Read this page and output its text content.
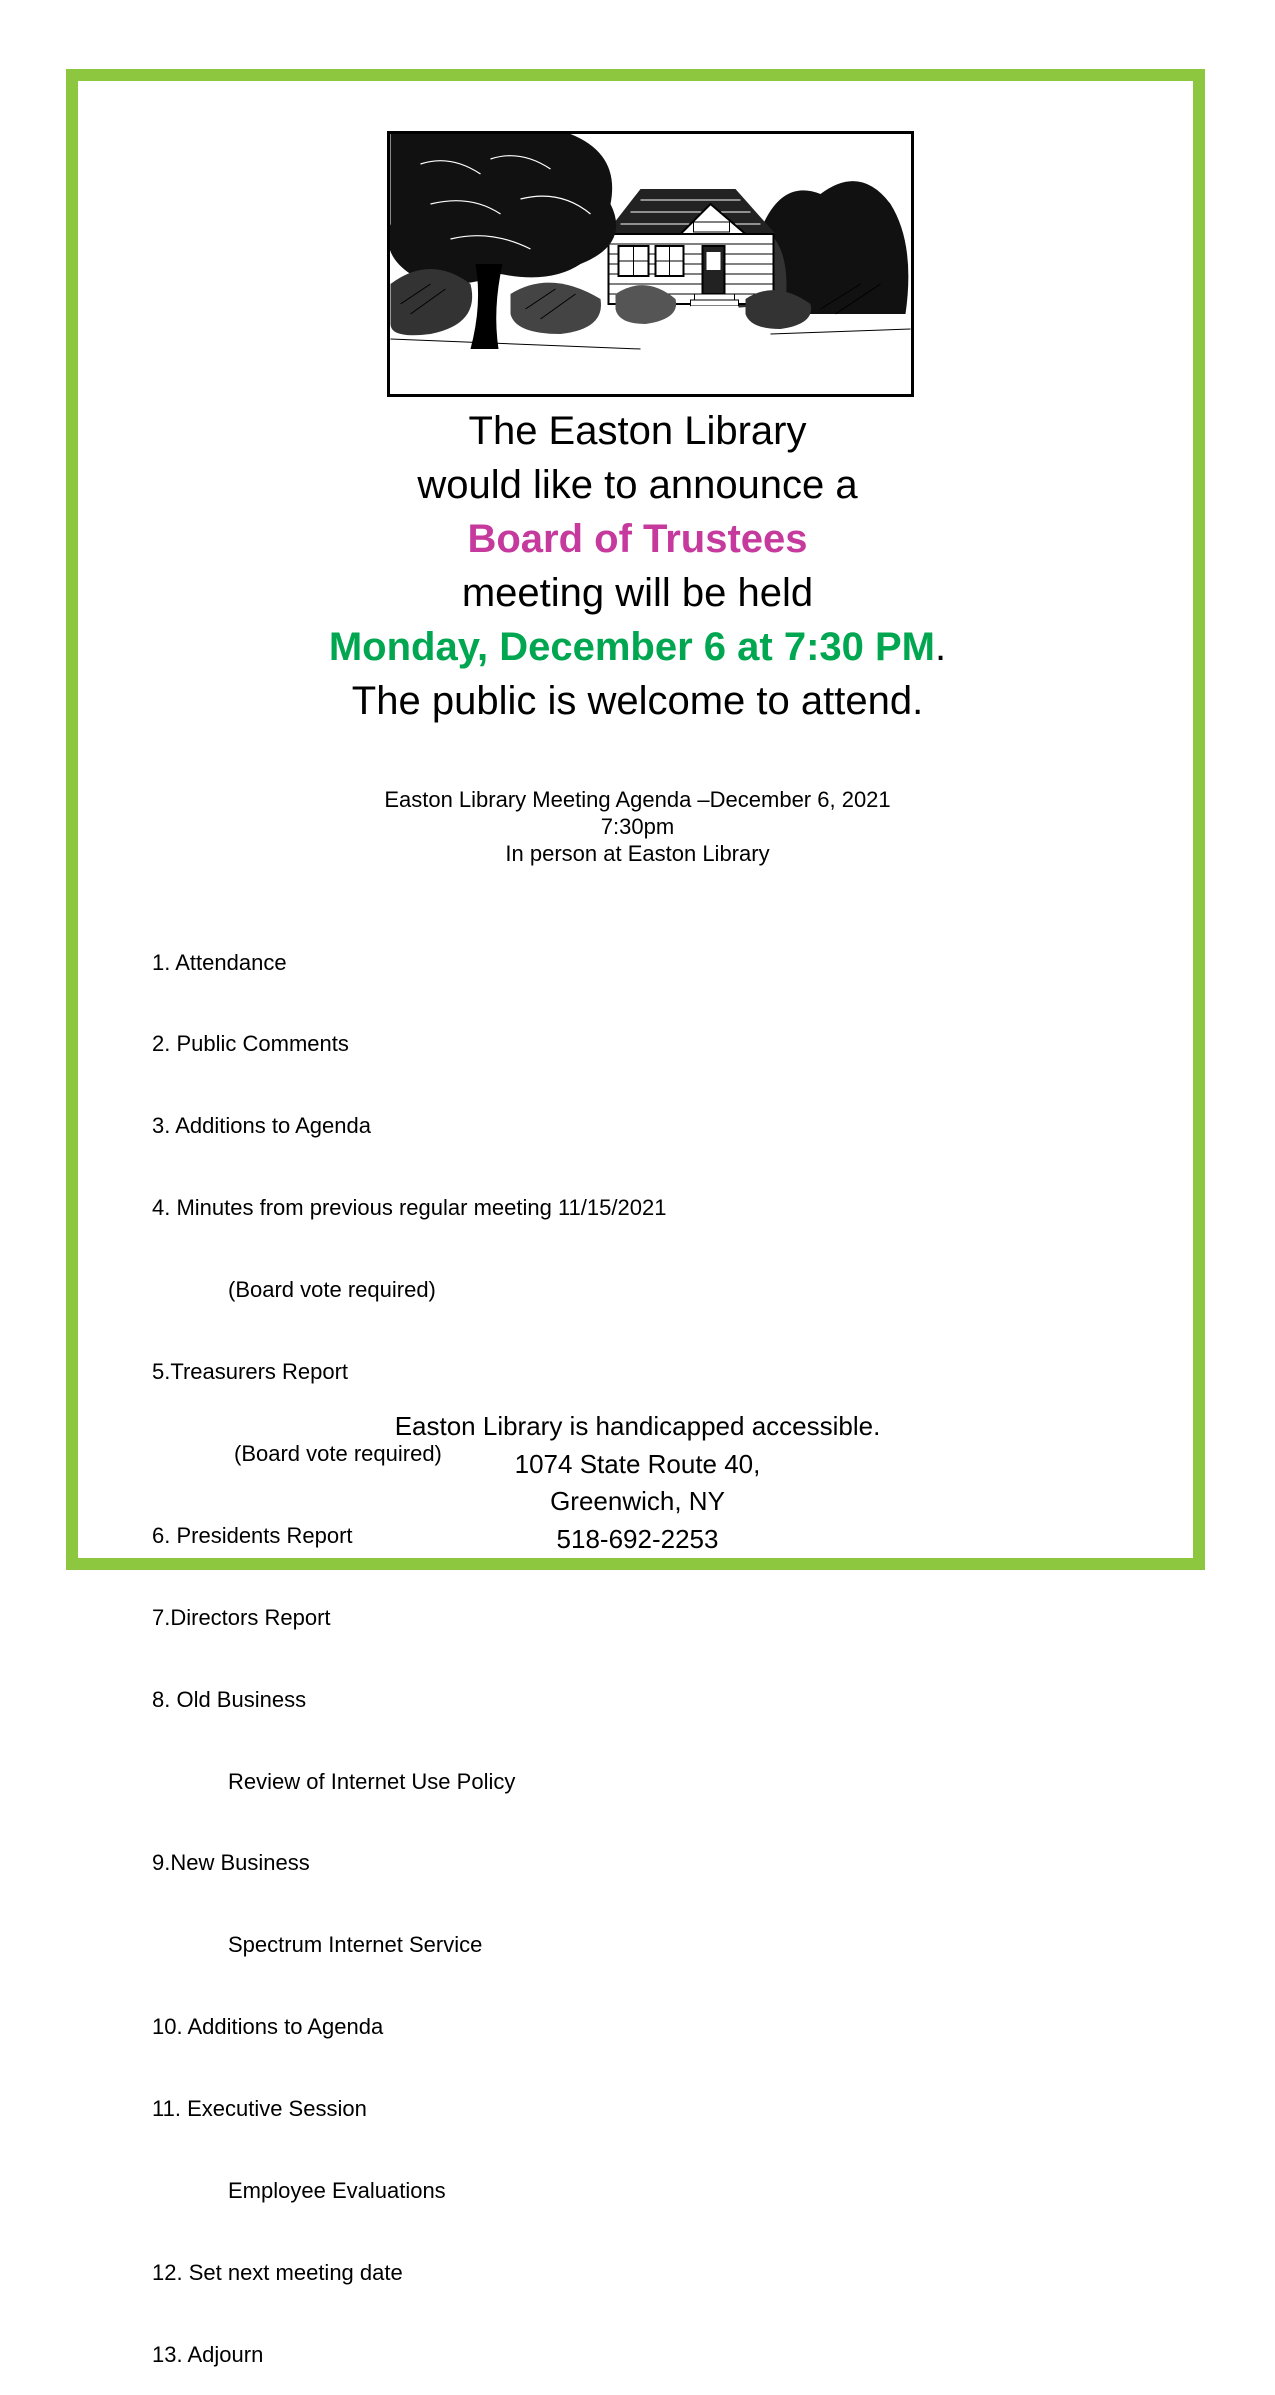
The Easton Library
would like to announce a
Board of Trustees
meeting will be held
Monday, December 6 at 7:30 PM.
The public is welcome to attend.
Easton Library Meeting Agenda –December 6, 2021
7:30pm
In person at Easton Library

1. Attendance

2. Public Comments

3. Additions to Agenda

4. Minutes from previous regular meeting 11/15/2021

(Board vote required)

5.Treasurers Report

(Board vote required)

6. Presidents Report

7.Directors Report

8. Old Business

Review of Internet Use Policy

9.New Business

Spectrum Internet Service

10. Additions to Agenda

11. Executive Session

Employee Evaluations

12. Set next meeting date

13. Adjourn

Easton Library is handicapped accessible.
1074 State Route 40,
Greenwich, NY
518-692-2253
